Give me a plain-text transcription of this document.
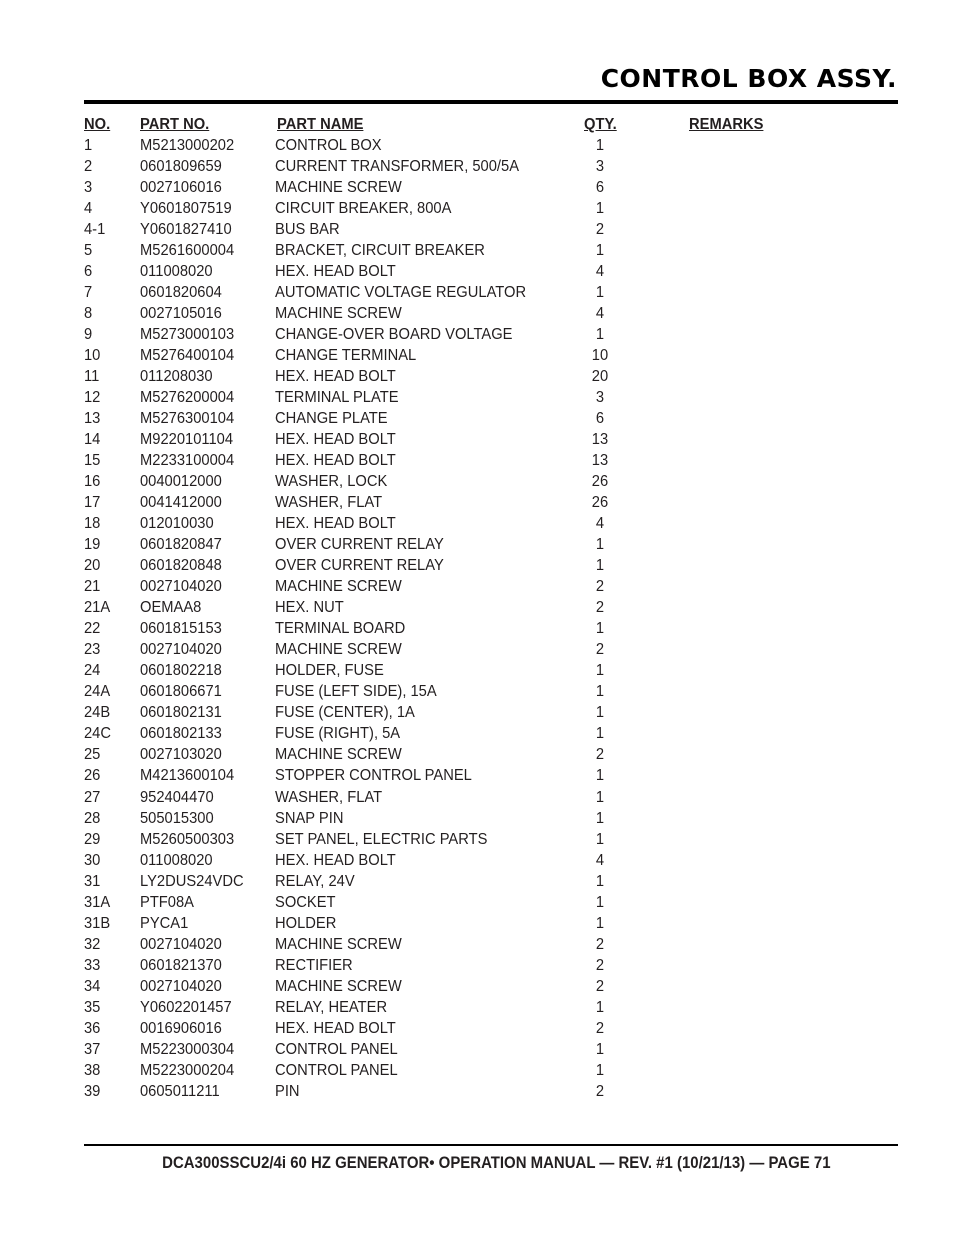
CONTROL BOX ASSY.
NO. PART NO.	PART NAME	QTY.	REMARKS
1	M5213000202	CONTROL BOX	1
2	0601809659	CURRENT TRANSFORMER, 500/5A	3
3	0027106016	MACHINE SCREW	6
4	Y0601807519	CIRCUIT BREAKER, 800A	1
4-1 Y0601827410	BUS BAR	2
5	M5261600004	BRACKET, CIRCUIT BREAKER	1
6	011008020	HEX. HEAD BOLT	4
7	0601820604	AUTOMATIC VOLTAGE REGULATOR	1
8	0027105016	MACHINE SCREW	4
9	M5273000103	CHANGE-OVER BOARD VOLTAGE	1
10 M5276400104	CHANGE TERMINAL	10
11	011208030	HEX. HEAD BOLT	20
12 M5276200004	TERMINAL PLATE	3
13 M5276300104	CHANGE PLATE	6
14 M9220101104	HEX. HEAD BOLT	13
15 M2233100004	HEX. HEAD BOLT	13
16 0040012000	WASHER, LOCK	26
17 0041412000	WASHER, FLAT	26
18 012010030	HEX. HEAD BOLT	4
19 0601820847	OVER CURRENT RELAY	1
20 0601820848	OVER CURRENT RELAY	1
21 0027104020	MACHINE SCREW	2
21A OEMAA8	HEX. NUT	2
22 0601815153	TERMINAL BOARD	1
23 0027104020	MACHINE SCREW	2
24 0601802218	HOLDER, FUSE	1
24A 0601806671	FUSE (LEFT SIDE), 15A	1
24B 0601802131	FUSE (CENTER), 1A	1
24C 0601802133	FUSE (RIGHT), 5A	1
25 0027103020	MACHINE SCREW	2
26 M4213600104	STOPPER CONTROL PANEL	1
27 952404470	WASHER, FLAT	1
28 505015300	SNAP PIN	1
29 M5260500303	SET PANEL, ELECTRIC PARTS	1
30 011008020	HEX. HEAD BOLT	4
31 LY2DUS24VDC RELAY, 24V	1
31A PTF08A	SOCKET	1
31B PYCA1	HOLDER	1
32 0027104020	MACHINE SCREW	2
33 0601821370	RECTIFIER	2
34 0027104020	MACHINE SCREW	2
35 Y0602201457	RELAY, HEATER	1
36 0016906016	HEX. HEAD BOLT	2
37 M5223000304	CONTROL PANEL	1
38 M5223000204	CONTROL PANEL	1
39 0605011211	PIN	2
DCA300SSCU2/4i 60 HZ GENERATOR• OPERATION MANUAL — REV. #1 (10/21/13) — PAGE 71
